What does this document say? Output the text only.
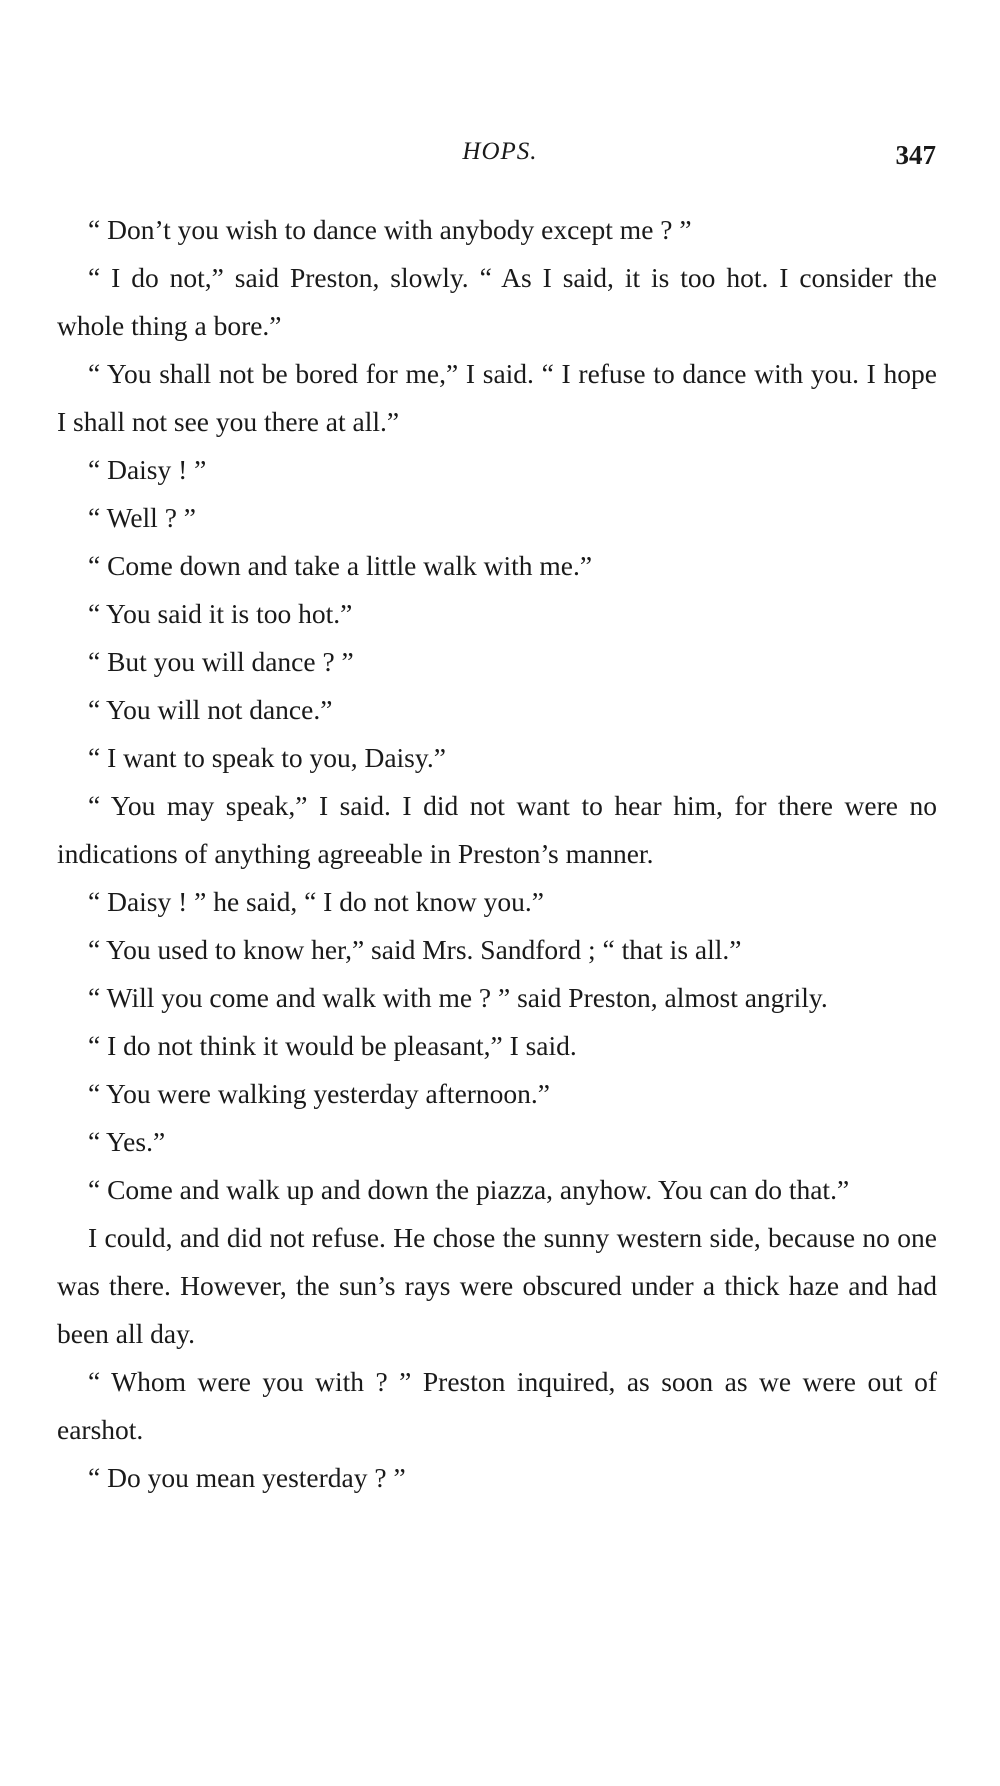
HOPS.	347

“ Don’t you wish to dance with anybody except me ? ”

“ I do not,” said Preston, slowly. “ As I said, it is too hot. I consider the whole thing a bore.”

“ You shall not be bored for me,” I said. “ I refuse to dance with you. I hope I shall not see you there at all.”

“ Daisy ! ”

“ Well ? ”

“ Come down and take a little walk with me.”

“ You said it is too hot.”

“ But you will dance ? ”

“ You will not dance.”

“ I want to speak to you, Daisy.”

“ You may speak,” I said. I did not want to hear him, for there were no indications of anything agreeable in Preston’s manner.

“ Daisy ! ” he said, “ I do not know you.”

“ You used to know her,” said Mrs. Sandford ; “ that is all.”

“ Will you come and walk with me ? ” said Preston, almost angrily.

“ I do not think it would be pleasant,” I said.

“ You were walking yesterday afternoon.”

“ Yes.”

“ Come and walk up and down the piazza, anyhow. You can do that.”

I could, and did not refuse. He chose the sunny western side, because no one was there. However, the sun’s rays were obscured under a thick haze and had been all day.

“ Whom were you with ? ” Preston inquired, as soon as we were out of earshot.

“ Do you mean yesterday ? ”
